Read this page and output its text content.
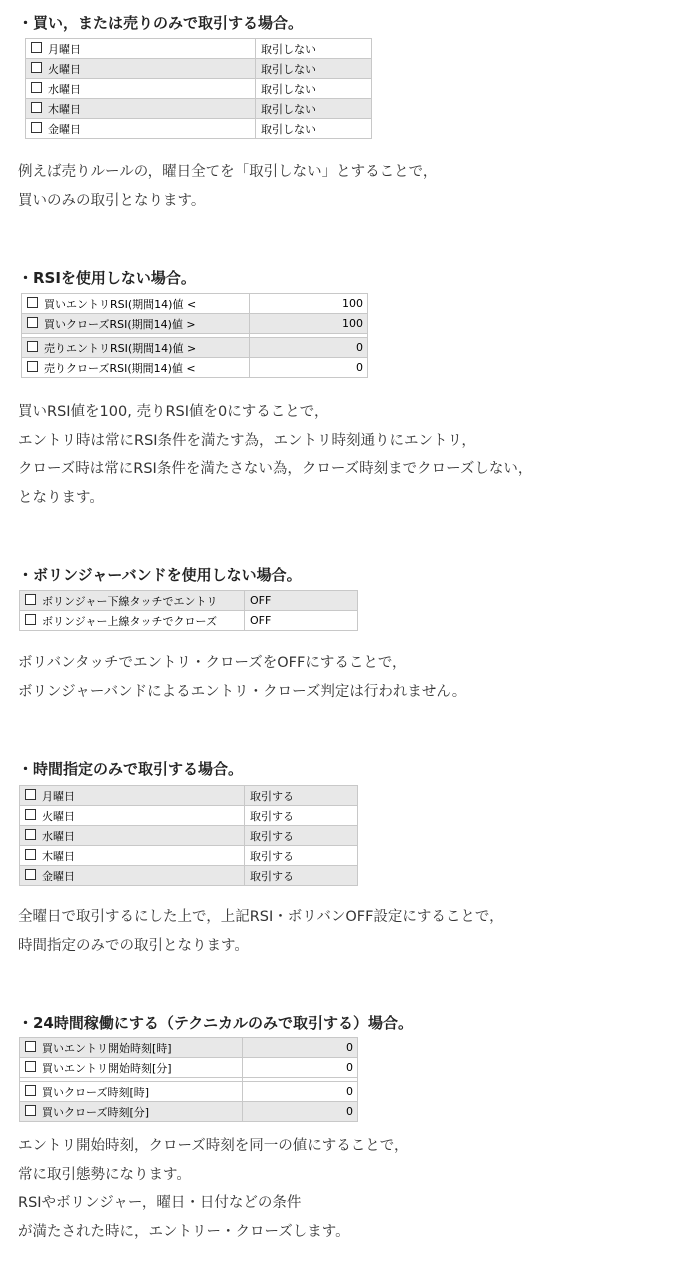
・買い，または売りのみで取引する場合。

月曜日	取引しない
火曜日	取引しない
水曜日	取引しない
木曜日	取引しない
金曜日	取引しない
例えば売りルールの，曜日全てを「取引しない」とすることで，
買いのみの取引となります。

・RSIを使用しない場合。

買いエントリRSI(期間14)値 <	100
買いクローズRSI(期間14)値 >	100

売りエントリRSI(期間14)値 >	0
売りクローズRSI(期間14)値 <	0
買いRSI値を100, 売りRSI値を0にすることで，
エントリ時は常にRSI条件を満たす為，エントリ時刻通りにエントリ，
クローズ時は常にRSI条件を満たさない為，クローズ時刻までクローズしない，
となります。

・ボリンジャーバンドを使用しない場合。

ボリンジャー下線タッチでエントリ	OFF
ボリンジャー上線タッチでクローズ	OFF
ボリバンタッチでエントリ・クローズをOFFにすることで，
ボリンジャーバンドによるエントリ・クローズ判定は行われません。

・時間指定のみで取引する場合。

月曜日	取引する
火曜日	取引する
水曜日	取引する
木曜日	取引する
金曜日	取引する
全曜日で取引するにした上で，上記RSI・ボリバンOFF設定にすることで，
時間指定のみでの取引となります。

・24時間稼働にする（テクニカルのみで取引する）場合。

買いエントリ開始時刻[時]	0
買いエントリ開始時刻[分]	0

買いクローズ時刻[時]	0
買いクローズ時刻[分]	0
エントリ開始時刻，クローズ時刻を同一の値にすることで，
常に取引態勢になります。
RSIやボリンジャー，曜日・日付などの条件
が満たされた時に，エントリー・クローズします。
